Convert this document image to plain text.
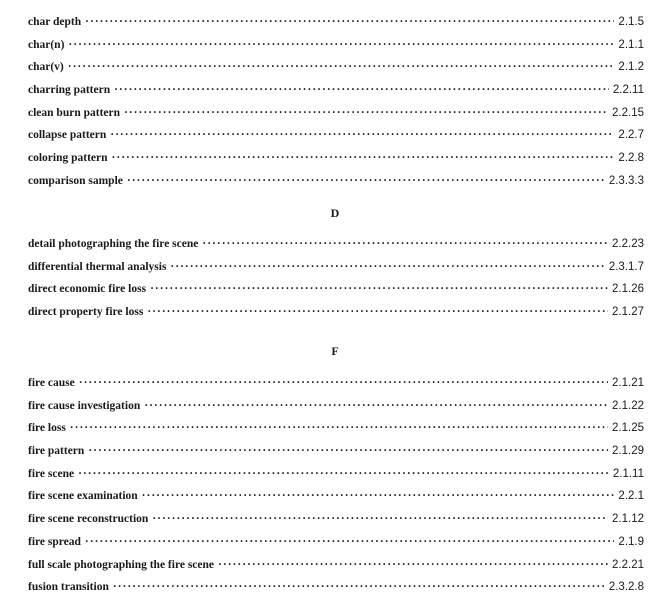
char depth ·····	2.1.5
char(n) ·····	2.1.1
char(v) ·····	2.1.2
charring pattern ·····	2.2.11
clean burn pattern ·····	2.2.15
collapse pattern ·····	2.2.7
coloring pattern ·····	2.2.8
comparison sample ·····	2.3.3.3
D
detail photographing the fire scene ·····	2.2.23
differential thermal analysis ·····	2.3.1.7
direct economic fire loss ·····	2.1.26
direct property fire loss ·····	2.1.27
F
fire cause ·····	2.1.21
fire cause investigation ·····	2.1.22
fire loss ·····	2.1.25
fire pattern ·····	2.1.29
fire scene ·····	2.1.11
fire scene examination ·····	2.2.1
fire scene reconstruction ·····	2.1.12
fire spread ·····	2.1.9
full scale photographing the fire scene ·····	2.2.21
fusion transition ·····	2.3.2.8
